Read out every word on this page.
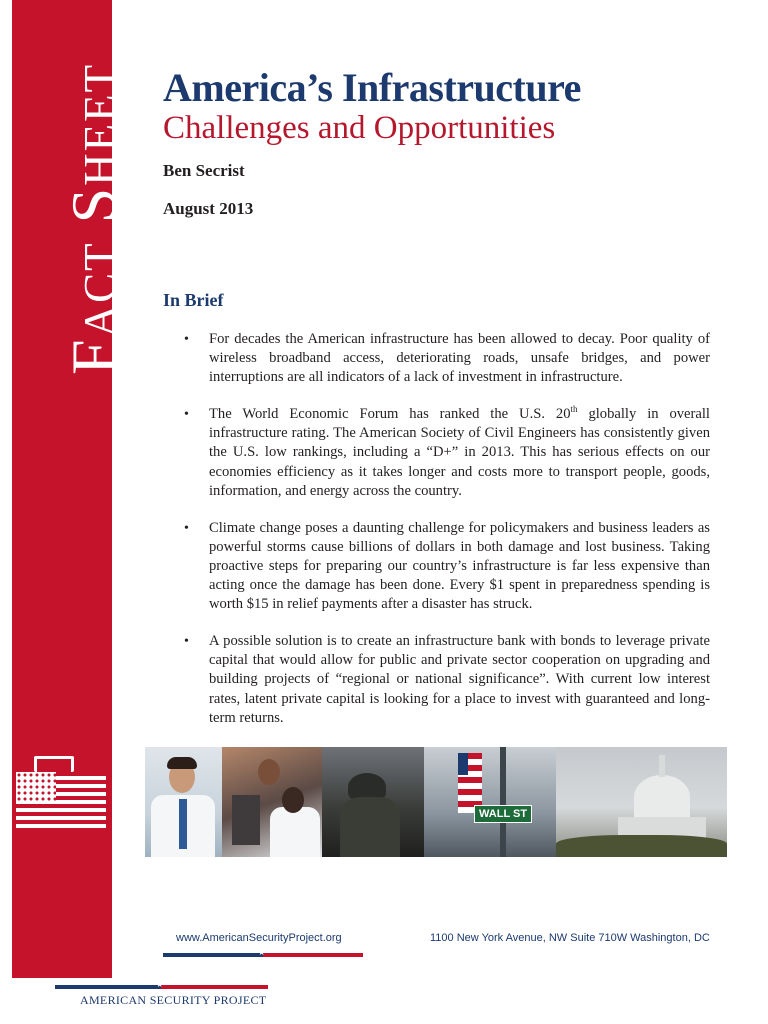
Fact Sheet America’s Infrastructure
Challenges and Opportunities
Ben Secrist
August 2013
In Brief
• For decades the American infrastructure has been allowed to decay. Poor quality of wireless broadband access, deteriorating roads, unsafe bridges, and power interruptions are all indicators of a lack of investment in infrastructure.
• The World Economic Forum has ranked the U.S. 20th globally in overall infrastructure rating. The American Society of Civil Engineers has consistently given the U.S. low rankings, including a “D+” in 2013. This has serious effects on our economies efficiency as it takes longer and costs more to transport people, goods, information, and energy across the country.
• Climate change poses a daunting challenge for policymakers and business leaders as powerful storms cause billions of dollars in both damage and lost business. Taking proactive steps for preparing our country’s infrastructure is far less expensive than acting once the damage has been done. Every $1 spent in preparedness spending is worth $15 in relief payments after a disaster has struck.
• A possible solution is to create an infrastructure bank with bonds to leverage private capital that would allow for public and private sector cooperation on upgrading and building projects of “regional or national significance”. With current low interest rates, latent private capital is looking for a place to invest with guaranteed and long-term returns.
WALL ST
www.AmericanSecurityProject.org	1100 New York Avenue, NW Suite 710W Washington, DC
★
★
AMERICAN SECURITY PROJECT
